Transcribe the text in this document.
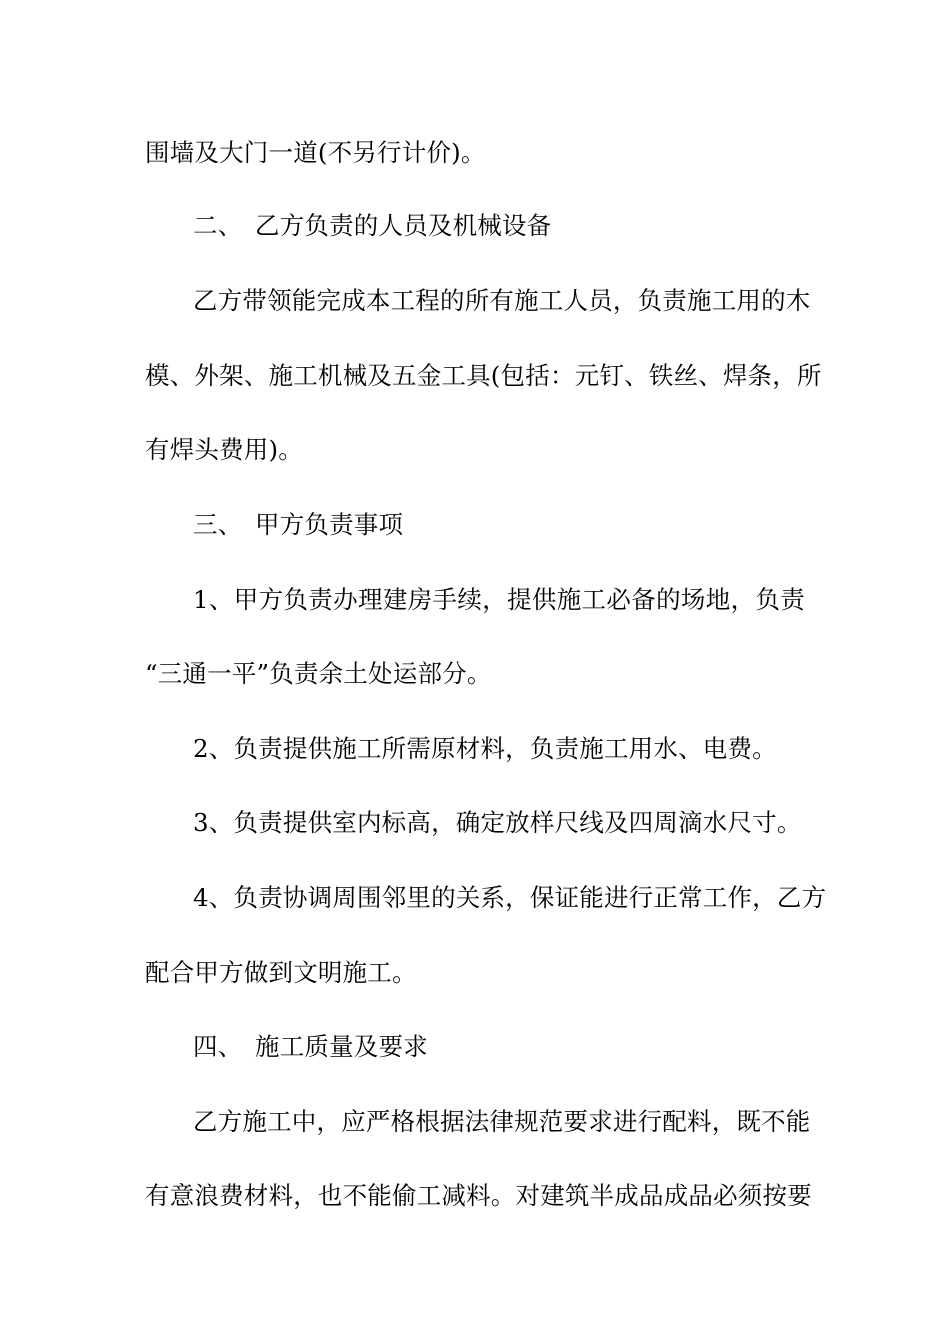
围墙及大门一道(不另行计价)。
二、 乙方负责的人员及机械设备
乙方带领能完成本工程的所有施工人员，负责施工用的木
模、外架、施工机械及五金工具(包括：元钉、铁丝、焊条，所
有焊头费用)。
三、 甲方负责事项
1、甲方负责办理建房手续，提供施工必备的场地，负责
“三通一平”负责余土处运部分。
2、负责提供施工所需原材料，负责施工用水、电费。
3、负责提供室内标高，确定放样尺线及四周滴水尺寸。
4、负责协调周围邻里的关系，保证能进行正常工作，乙方
配合甲方做到文明施工。
四、 施工质量及要求
乙方施工中，应严格根据法律规范要求进行配料，既不能
有意浪费材料，也不能偷工减料。对建筑半成品成品必须按要
